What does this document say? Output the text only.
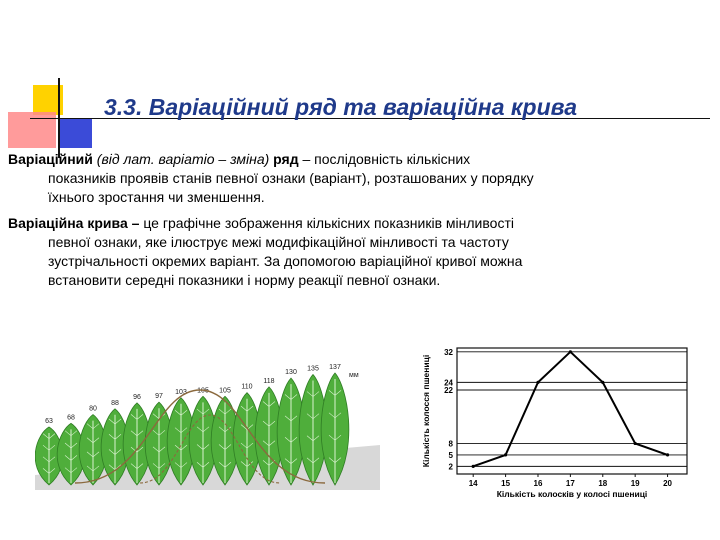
3.3. Варіаційний ряд та варіаційна крива
Варіаційний (від лат. варіатіо – зміна) ряд – послідовність кількісних
показників проявів станів певної ознаки (варіант), розташованих у порядку
їхнього зростання чи зменшення.
Варіаційна крива – це графічне зображення кількісних показників мінливості
певної ознаки, яке ілюструє межі модифікаційної мінливості та частоту
зустрічальності окремих варіант. За допомогою варіаційної кривої можна
встановити середні показники і норму реакції певної ознаки.
63
68
80
88
96 97
103 105 105
110
118
130
135 137
мм
2
5
8
22
24
32
14	15	16	17	18	19	20
Кількість колосків у колосі пшениці
Кількість колосся пшениці
